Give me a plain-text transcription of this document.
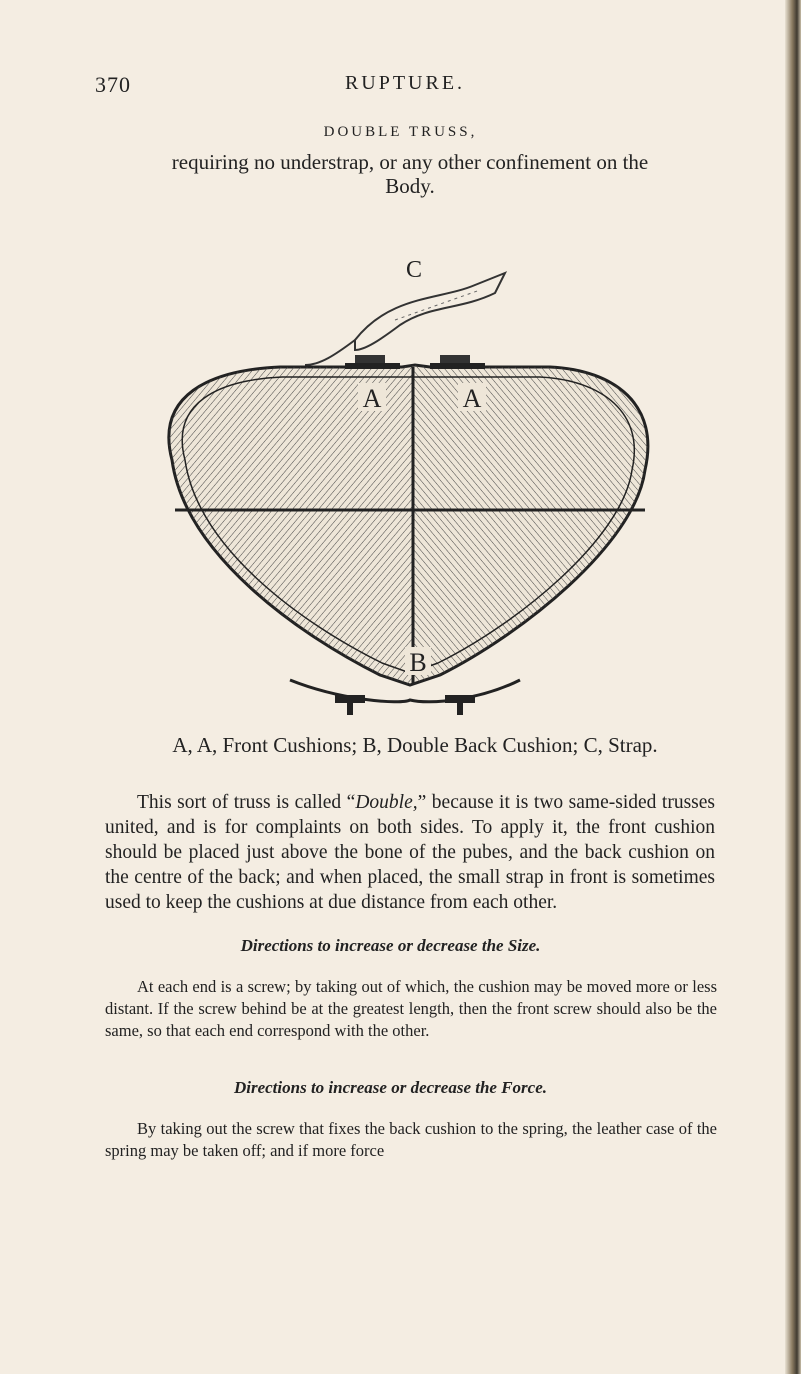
370	RUPTURE.
DOUBLE TRUSS,
requiring no understrap, or any other confinement on the Body.
C
A	A
B
A, A, Front Cushions; B, Double Back Cushion; C, Strap.

This sort of truss is called “Double,” because it is two same-sided trusses united, and is for complaints on both sides. To apply it, the front cushion should be placed just above the bone of the pubes, and the back cushion on the centre of the back; and when placed, the small strap in front is sometimes used to keep the cushions at due distance from each other.

Directions to increase or decrease the Size.

At each end is a screw; by taking out of which, the cushion may be moved more or less distant. If the screw behind be at the greatest length, then the front screw should also be the same, so that each end correspond with the other.

Directions to increase or decrease the Force.

By taking out the screw that fixes the back cushion to the spring, the leather case of the spring may be taken off; and if more force
